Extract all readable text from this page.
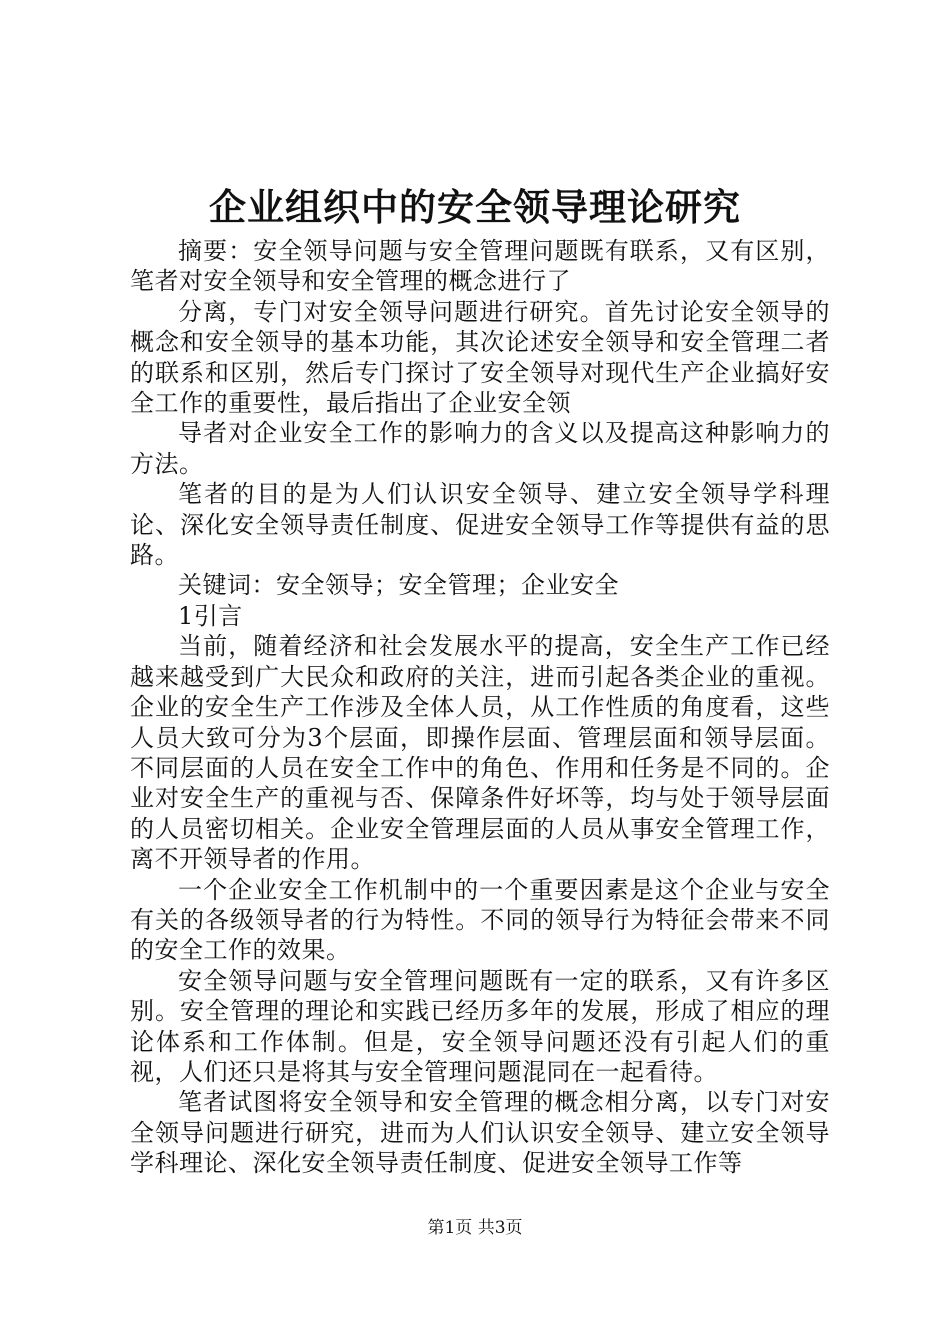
企业组织中的安全领导理论研究

摘要：安全领导问题与安全管理问题既有联系，又有区别，笔者对安全领导和安全管理的概念进行了

分离，专门对安全领导问题进行研究。首先讨论安全领导的概念和安全领导的基本功能，其次论述安全领导和安全管理二者的联系和区别，然后专门探讨了安全领导对现代生产企业搞好安全工作的重要性，最后指出了企业安全领

导者对企业安全工作的影响力的含义以及提高这种影响力的方法。

笔者的目的是为人们认识安全领导、建立安全领导学科理论、深化安全领导责任制度、促进安全领导工作等提供有益的思路。

关键词：安全领导；安全管理；企业安全

1引言

当前，随着经济和社会发展水平的提高，安全生产工作已经越来越受到广大民众和政府的关注，进而引起各类企业的重视。企业的安全生产工作涉及全体人员，从工作性质的角度看，这些人员大致可分为3个层面，即操作层面、管理层面和领导层面。不同层面的人员在安全工作中的角色、作用和任务是不同的。企业对安全生产的重视与否、保障条件好坏等，均与处于领导层面的人员密切相关。企业安全管理层面的人员从事安全管理工作，离不开领导者的作用。

一个企业安全工作机制中的一个重要因素是这个企业与安全有关的各级领导者的行为特性。不同的领导行为特征会带来不同的安全工作的效果。

安全领导问题与安全管理问题既有一定的联系，又有许多区别。安全管理的理论和实践已经历多年的发展，形成了相应的理论体系和工作体制。但是，安全领导问题还没有引起人们的重视，人们还只是将其与安全管理问题混同在一起看待。

笔者试图将安全领导和安全管理的概念相分离，以专门对安全领导问题进行研究，进而为人们认识安全领导、建立安全领导学科理论、深化安全领导责任制度、促进安全领导工作等

第1页 共3页
